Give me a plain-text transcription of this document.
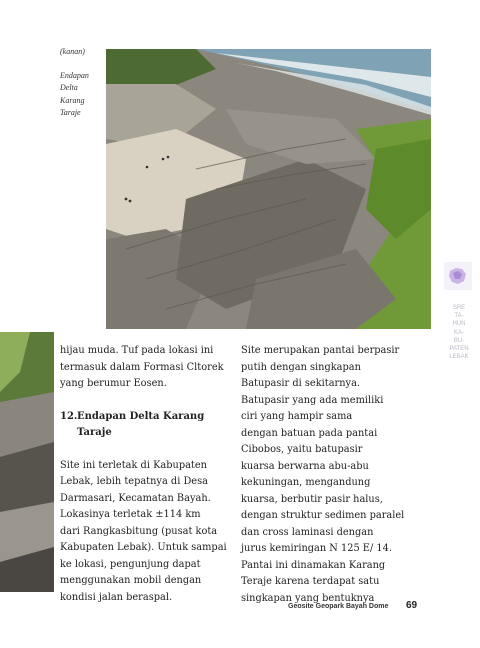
(kanan)
Endapan
Delta
Karang
Taraje
SRE
TA-
HUN
KA-
BU-
PATEN
LEBAK

hijau muda. Tuf pada lokasi ini
termasuk dalam Formasi Cltorek
yang berumur Eosen.

12.Endapan Delta Karang
Taraje

Site ini terletak di Kabupaten
Lebak, lebih tepatnya di Desa
Darmasari, Kecamatan Bayah.
Lokasinya terletak ±114 km
dari Rangkasbitung (pusat kota
Kabupaten Lebak). Untuk sampai
ke lokasi, pengunjung dapat
menggunakan mobil dengan
kondisi jalan beraspal.

Site merupakan pantai berpasir
putih dengan singkapan
Batupasir di sekitarnya.
Batupasir yang ada memiliki
ciri yang hampir sama
dengan batuan pada pantai
Cibobos, yaitu batupasir
kuarsa berwarna abu-abu
kekuningan, mengandung
kuarsa, berbutir pasir halus,
dengan struktur sedimen paralel
dan cross laminasi dengan
jurus kemiringan N 125 E/ 14.
Pantai ini dinamakan Karang
Teraje karena terdapat satu
singkapan yang bentuknya

Geosite Geopark Bayah Dome 69
